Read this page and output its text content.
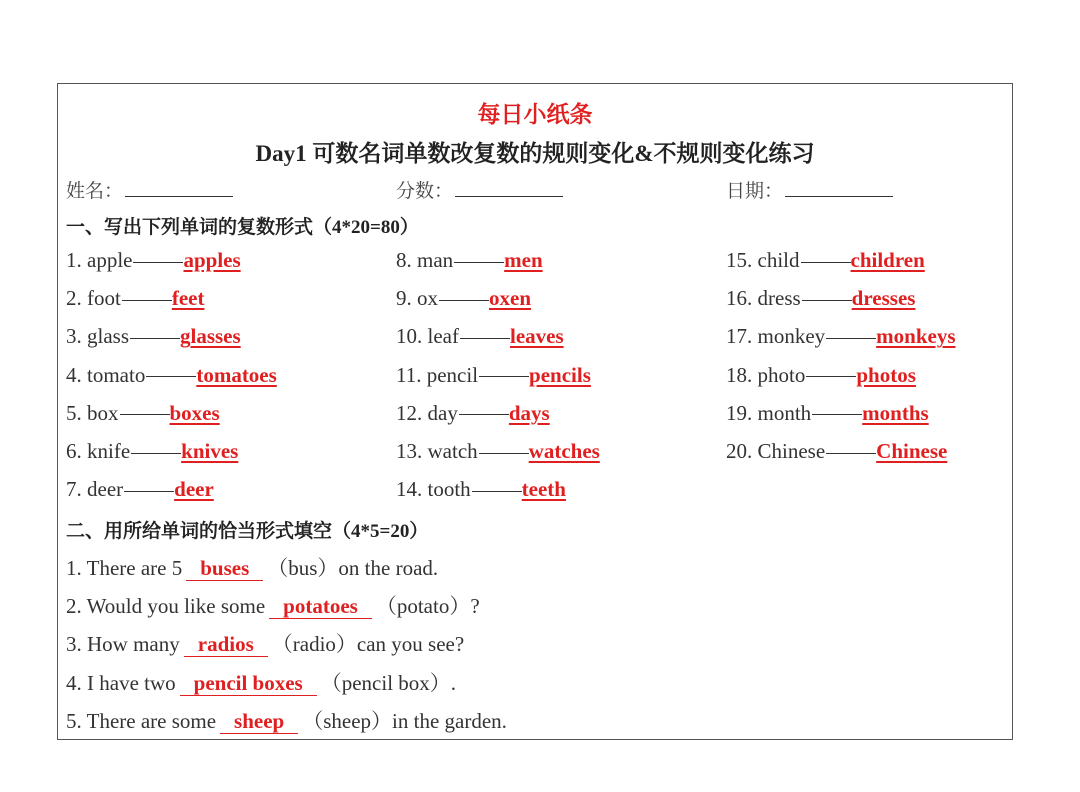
每日小纸条
Day1 可数名词单数改复数的规则变化&不规则变化练习
姓名：	分数：	日期：
一、写出下列单词的复数形式（4*20=80）
1. apple apples
2. foot feet
3. glass glasses
4. tomato tomatoes
5. box boxes
6. knife knives
7. deer deer
8. man men
9. ox oxen
10. leaf leaves
11. pencil pencils
12. day days
13. watch watches
14. tooth teeth
15. child children
16. dress dresses
17. monkey monkeys
18. photo photos
19. month months
20. Chinese Chinese
二、用所给单词的恰当形式填空（4*5=20）
1. There are 5 buses （bus）on the road.
2. Would you like some potatoes （potato）?
3. How many radios （radio）can you see?
4. I have two pencil boxes （pencil box）.
5. There are some sheep （sheep）in the garden.
